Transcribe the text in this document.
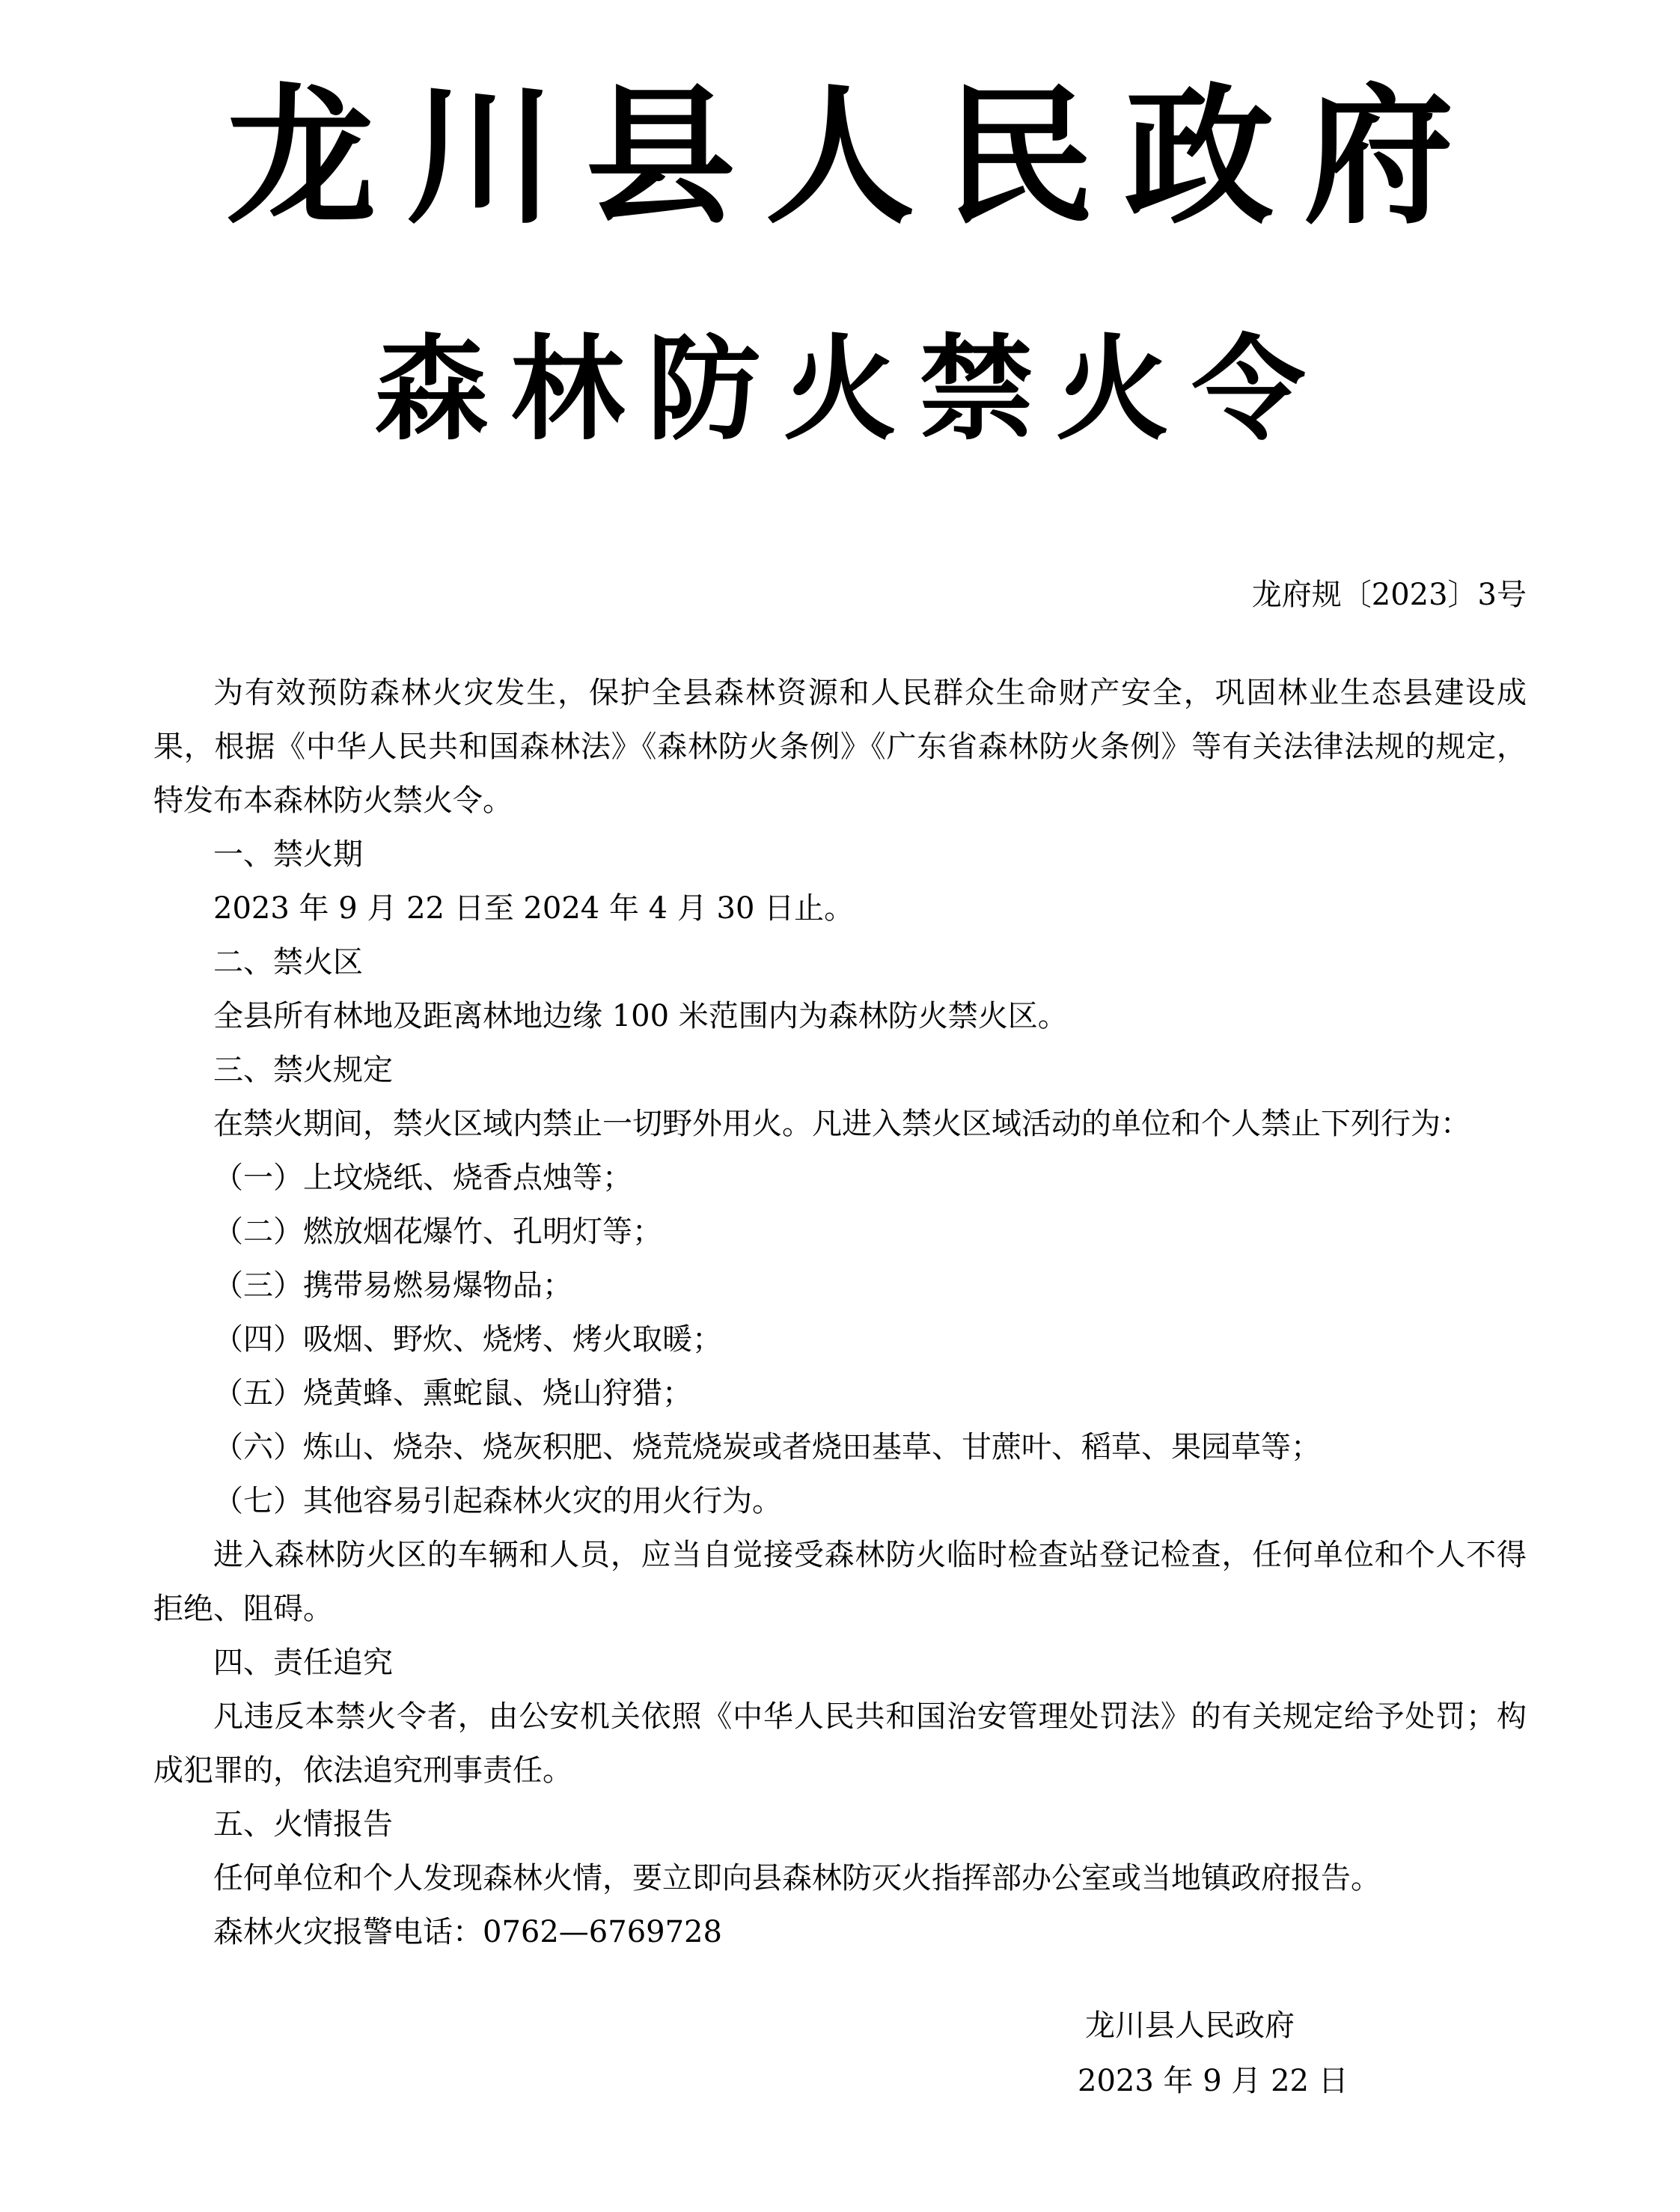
龙川县人民政府
森林防火禁火令
龙府规〔2023〕3号

为有效预防森林火灾发生，保护全县森林资源和人民群众生命财产安全，巩固林业生态县建设成果，根据《中华人民共和国森林法》《森林防火条例》《广东省森林防火条例》等有关法律法规的规定，特发布本森林防火禁火令。

一、禁火期

2023 年 9 月 22 日至 2024 年 4 月 30 日止。

二、禁火区

全县所有林地及距离林地边缘 100 米范围内为森林防火禁火区。

三、禁火规定

在禁火期间，禁火区域内禁止一切野外用火。凡进入禁火区域活动的单位和个人禁止下列行为：

（一）上坟烧纸、烧香点烛等；

（二）燃放烟花爆竹、孔明灯等；

（三）携带易燃易爆物品；

（四）吸烟、野炊、烧烤、烤火取暖；

（五）烧黄蜂、熏蛇鼠、烧山狩猎；

（六）炼山、烧杂、烧灰积肥、烧荒烧炭或者烧田基草、甘蔗叶、稻草、果园草等；

（七）其他容易引起森林火灾的用火行为。

进入森林防火区的车辆和人员，应当自觉接受森林防火临时检查站登记检查，任何单位和个人不得拒绝、阻碍。

四、责任追究

凡违反本禁火令者，由公安机关依照《中华人民共和国治安管理处罚法》的有关规定给予处罚；构成犯罪的，依法追究刑事责任。

五、火情报告

任何单位和个人发现森林火情，要立即向县森林防灭火指挥部办公室或当地镇政府报告。

森林火灾报警电话：0762—6769728

龙川县人民政府
2023 年 9 月 22 日
